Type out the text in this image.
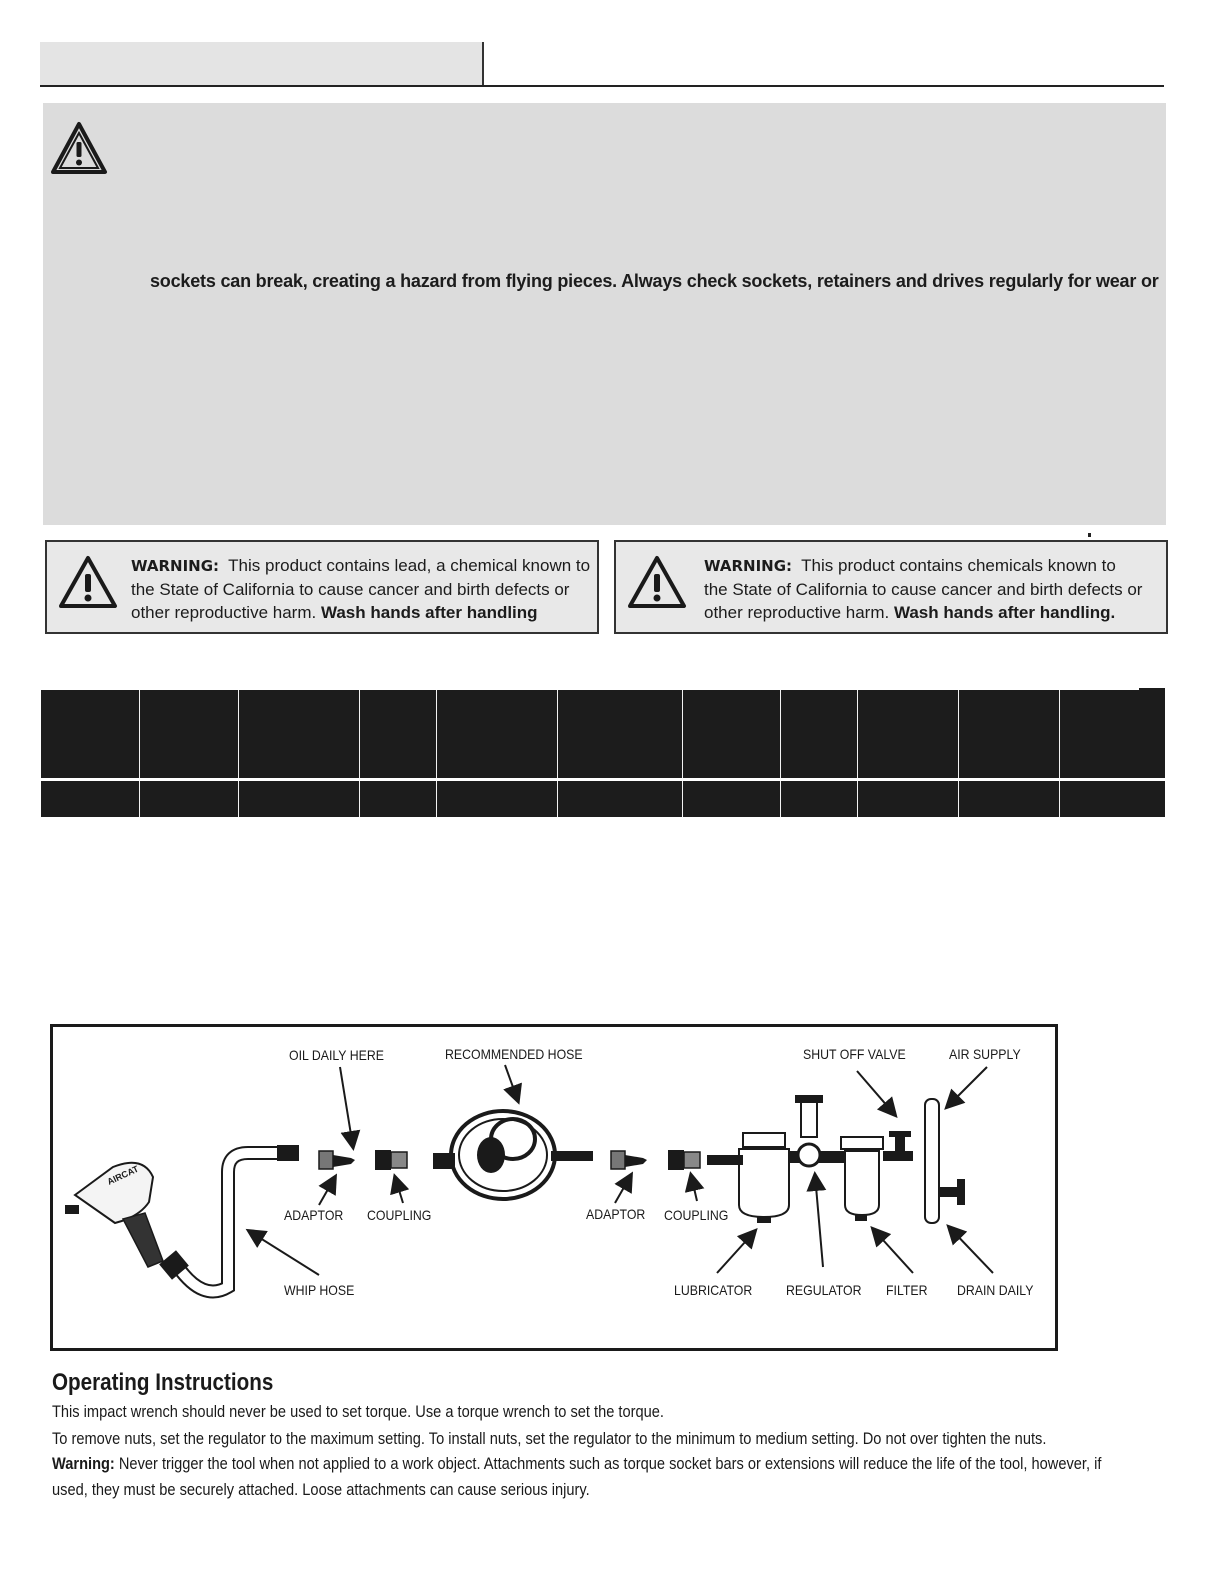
sockets can break, creating a hazard from flying pieces. Always check sockets, retainers and drives regularly for wear or
WARNING: This product contains lead, a chemical known to
the State of California to cause cancer and birth defects or
other reproductive harm. Wash hands after handling
WARNING: This product contains chemicals known to
the State of California to cause cancer and birth defects or
other reproductive harm. Wash hands after handling.
AIRCAT
OIL DAILY HERE	RECOMMENDED HOSE	SHUT OFF VALVE	AIR SUPPLY
ADAPTOR COUPLING	ADAPTOR COUPLING
WHIP HOSE	LUBRICATOR REGULATOR FILTER DRAIN DAILY
Operating Instructions
This impact wrench should never be used to set torque. Use a torque wrench to set the torque.
To remove nuts, set the regulator to the maximum setting. To install nuts, set the regulator to the minimum to medium setting. Do not over tighten the nuts.
Warning: Never trigger the tool when not applied to a work object. Attachments such as torque socket bars or extensions will reduce the life of the tool, however, if
used, they must be securely attached. Loose attachments can cause serious injury.
